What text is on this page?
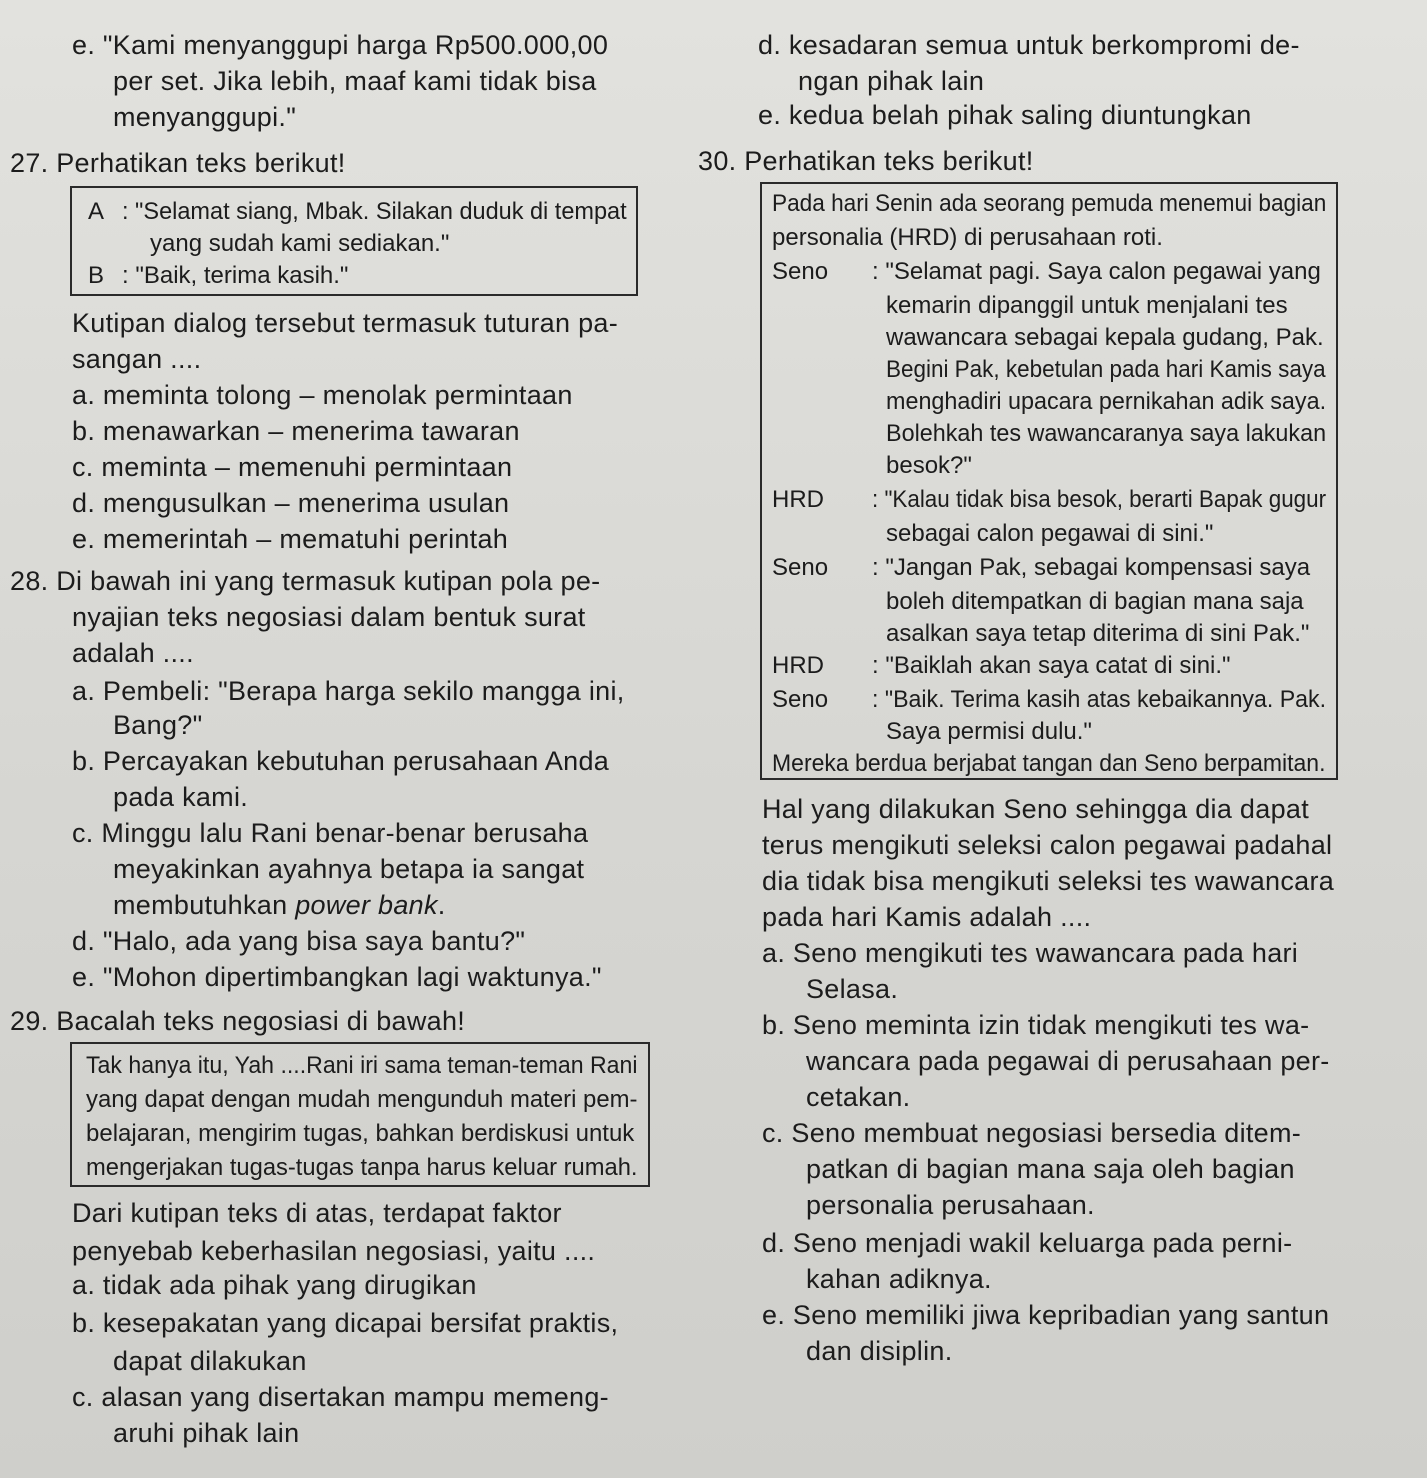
e. "Kami menyanggupi harga Rp500.000,00
per set. Jika lebih, maaf kami tidak bisa
menyanggupi."
27. Perhatikan teks berikut!
A : "Selamat siang, Mbak. Silakan duduk di tempat
yang sudah kami sediakan."
B : "Baik, terima kasih."
Kutipan dialog tersebut termasuk tuturan pa-
sangan ....
a. meminta tolong – menolak permintaan
b. menawarkan – menerima tawaran
c. meminta – memenuhi permintaan
d. mengusulkan – menerima usulan
e. memerintah – mematuhi perintah
28. Di bawah ini yang termasuk kutipan pola pe-
nyajian teks negosiasi dalam bentuk surat
adalah ....
a. Pembeli: "Berapa harga sekilo mangga ini,
Bang?"
b. Percayakan kebutuhan perusahaan Anda
pada kami.
c. Minggu lalu Rani benar-benar berusaha
meyakinkan ayahnya betapa ia sangat
membutuhkan power bank.
d. "Halo, ada yang bisa saya bantu?"
e. "Mohon dipertimbangkan lagi waktunya."
29. Bacalah teks negosiasi di bawah!
Tak hanya itu, Yah ....Rani iri sama teman-teman Rani
yang dapat dengan mudah mengunduh materi pem-
belajaran, mengirim tugas, bahkan berdiskusi untuk
mengerjakan tugas-tugas tanpa harus keluar rumah.
Dari kutipan teks di atas, terdapat faktor
penyebab keberhasilan negosiasi, yaitu ....
a. tidak ada pihak yang dirugikan
b. kesepakatan yang dicapai bersifat praktis,
dapat dilakukan
c. alasan yang disertakan mampu memeng-
aruhi pihak lain
d. kesadaran semua untuk berkompromi de-
ngan pihak lain
e. kedua belah pihak saling diuntungkan
30. Perhatikan teks berikut!
Pada hari Senin ada seorang pemuda menemui bagian
personalia (HRD) di perusahaan roti.
Seno : "Selamat pagi. Saya calon pegawai yang
kemarin dipanggil untuk menjalani tes
wawancara sebagai kepala gudang, Pak.
Begini Pak, kebetulan pada hari Kamis saya
menghadiri upacara pernikahan adik saya.
Bolehkah tes wawancaranya saya lakukan
besok?"
HRD : "Kalau tidak bisa besok, berarti Bapak gugur
sebagai calon pegawai di sini."
Seno : "Jangan Pak, sebagai kompensasi saya
boleh ditempatkan di bagian mana saja
asalkan saya tetap diterima di sini Pak."
HRD : "Baiklah akan saya catat di sini."
Seno : "Baik. Terima kasih atas kebaikannya. Pak.
Saya permisi dulu."
Mereka berdua berjabat tangan dan Seno berpamitan.
Hal yang dilakukan Seno sehingga dia dapat
terus mengikuti seleksi calon pegawai padahal
dia tidak bisa mengikuti seleksi tes wawancara
pada hari Kamis adalah ....
a. Seno mengikuti tes wawancara pada hari
Selasa.
b. Seno meminta izin tidak mengikuti tes wa-
wancara pada pegawai di perusahaan per-
cetakan.
c. Seno membuat negosiasi bersedia ditem-
patkan di bagian mana saja oleh bagian
personalia perusahaan.
d. Seno menjadi wakil keluarga pada perni-
kahan adiknya.
e. Seno memiliki jiwa kepribadian yang santun
dan disiplin.
